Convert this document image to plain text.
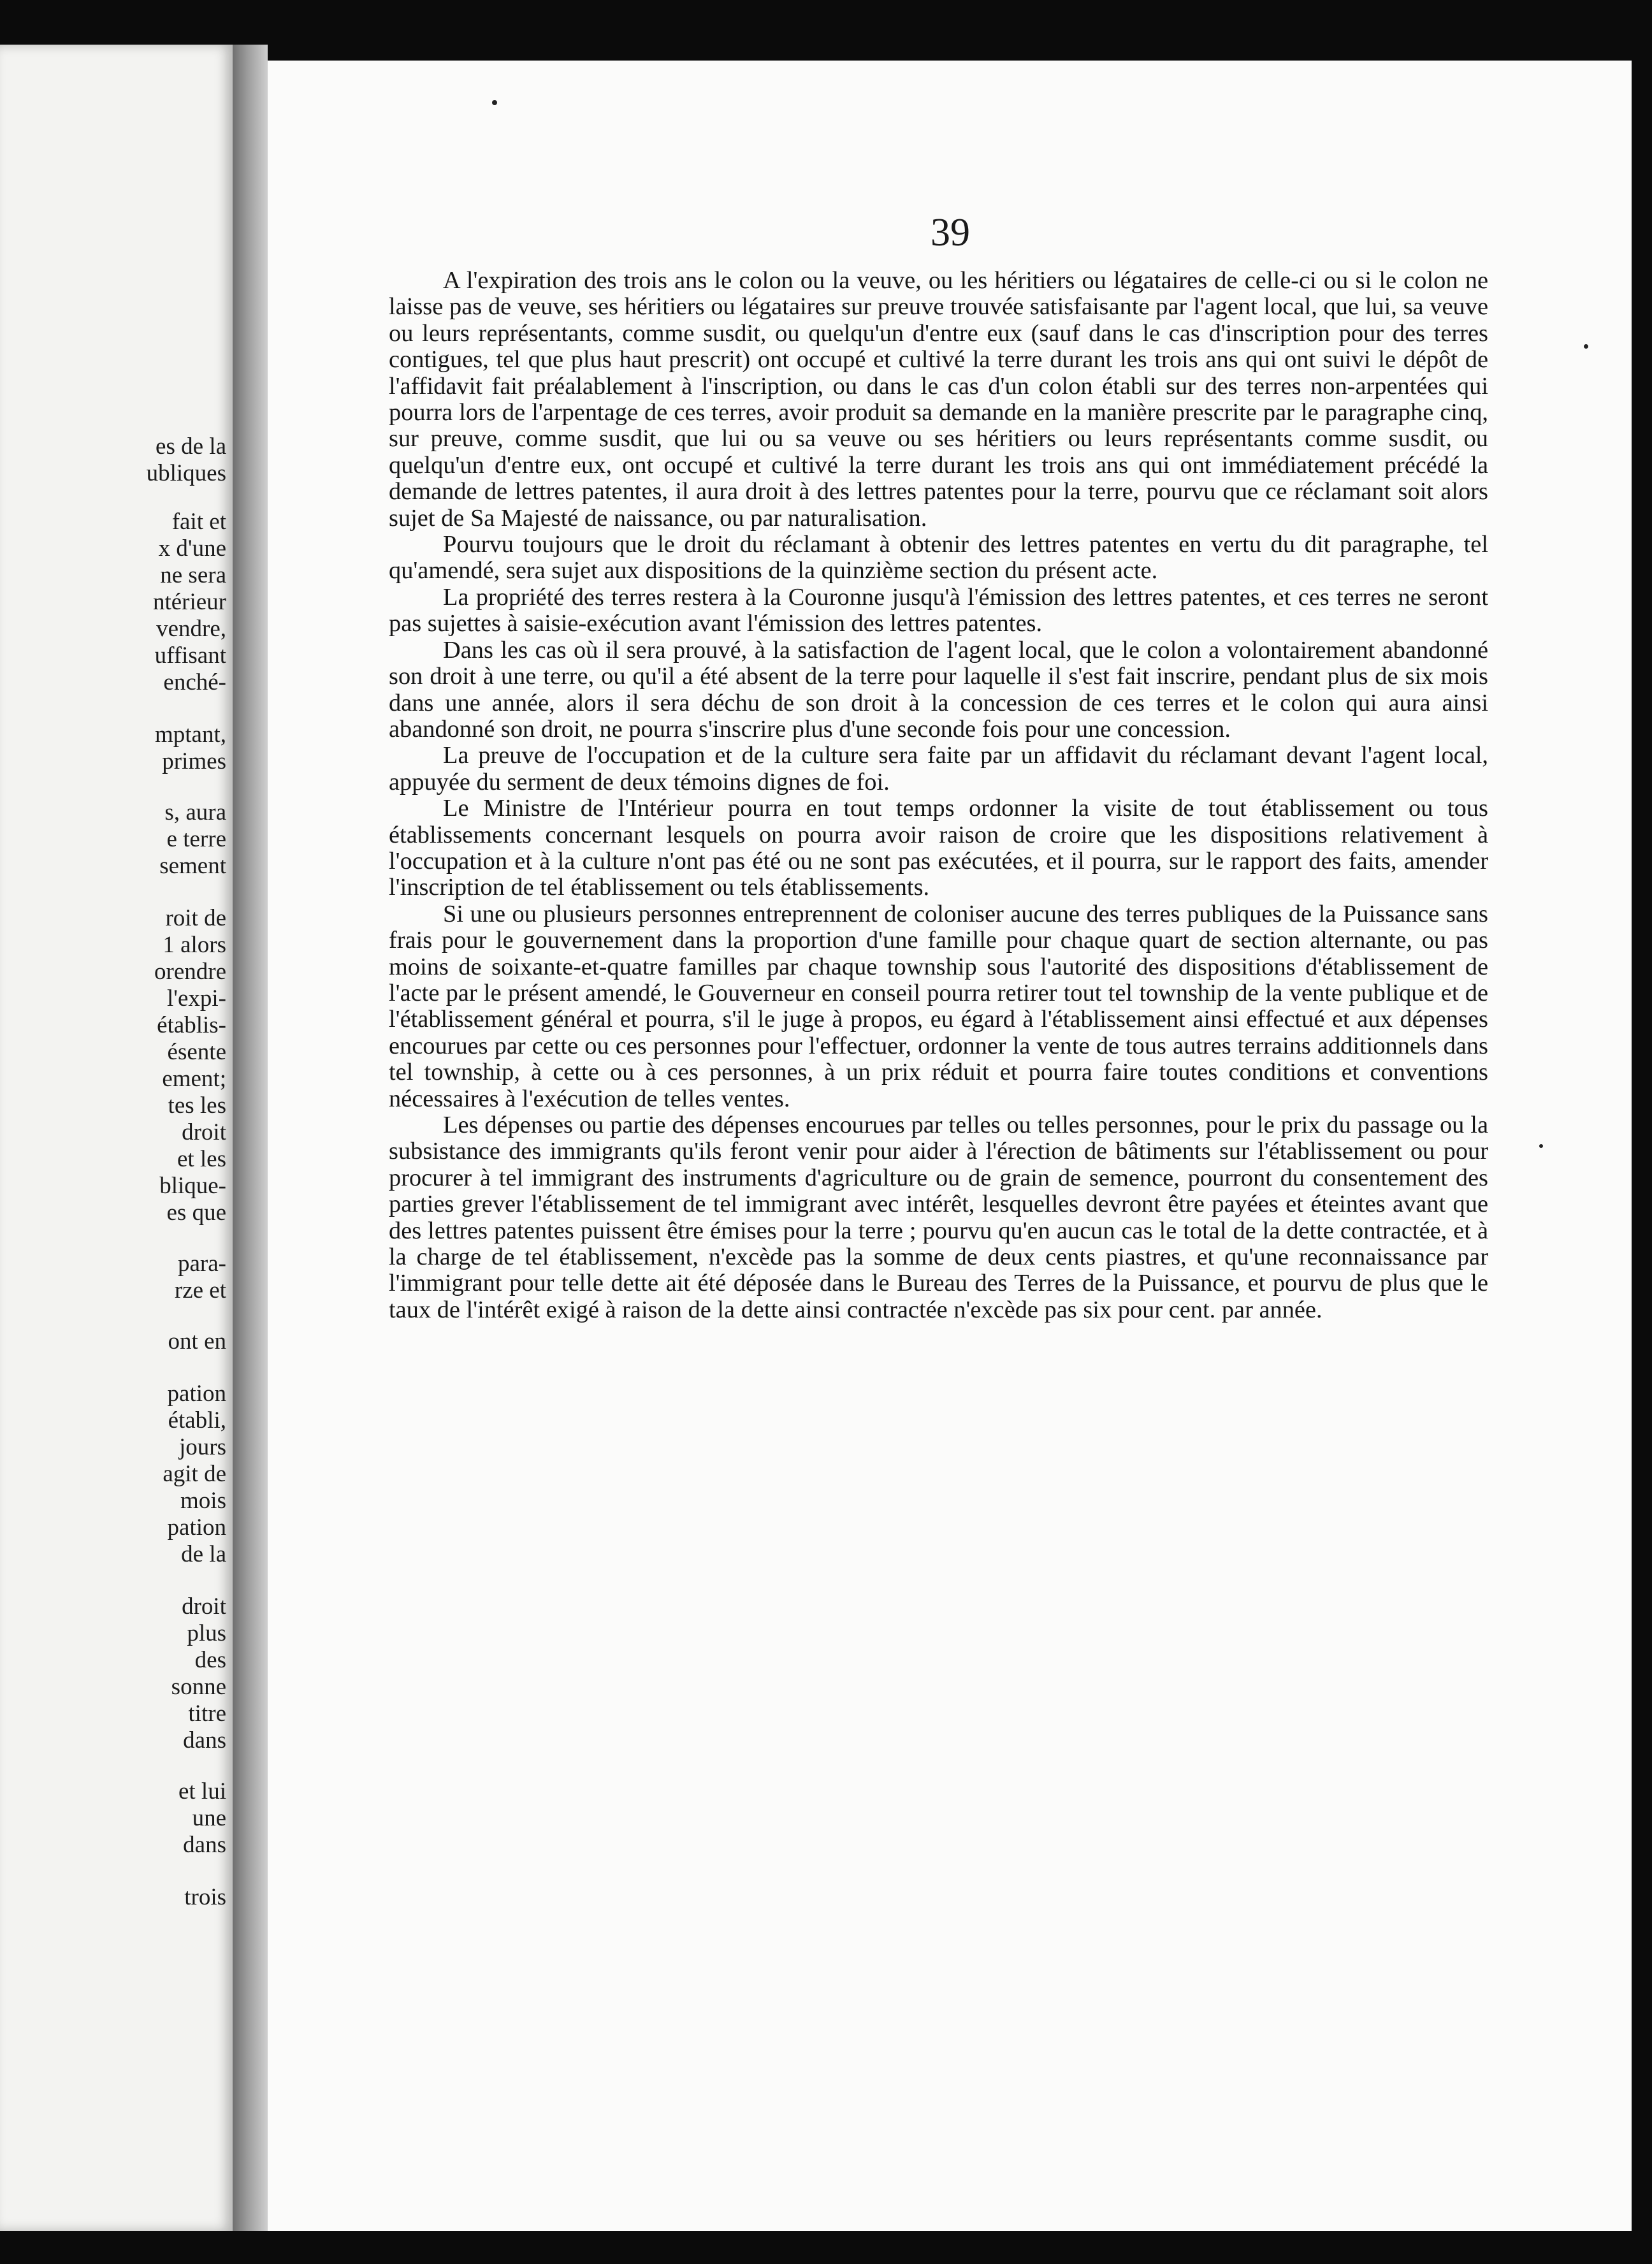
es de la
ublіques
fait et
x d'une
ne sera
ntérieur
vendre,
uffisant
enché-
mptant,
primes
s, aura
e terre
sement
roit de
1 alors
orendre
l'expi-
établis-
ésente
ement;
tes les
droit
et les
blique-
es que
para-
rze et
ont en
pation
établi,
jours
agit de
mois
pation
de la
droit
plus
des
sonne
titre
dans
et lui
une
dans
trois
39

A l'expiration des trois ans le colon ou la veuve, ou les héritiers ou légataires de celle-ci ou si le colon ne laisse pas de veuve, ses héritiers ou légataires sur preuve trouvée satisfaisante par l'agent local, que lui, sa veuve ou leurs représentants, comme susdit, ou quelqu'un d'entre eux (sauf dans le cas d'inscription pour des terres contigues, tel que plus haut prescrit) ont occupé et cultivé la terre durant les trois ans qui ont suivi le dépôt de l'affidavit fait préalablement à l'inscription, ou dans le cas d'un colon établi sur des terres non-arpentées qui pourra lors de l'arpentage de ces terres, avoir produit sa demande en la manière prescrite par le paragraphe cinq, sur preuve, comme susdit, que lui ou sa veuve ou ses héritiers ou leurs représentants comme susdit, ou quelqu'un d'entre eux, ont occupé et cultivé la terre durant les trois ans qui ont immédiatement précédé la demande de lettres patentes, il aura droit à des lettres patentes pour la terre, pourvu que ce réclamant soit alors sujet de Sa Majesté de naissance, ou par naturalisation.

Pourvu toujours que le droit du réclamant à obtenir des lettres patentes en vertu du dit paragraphe, tel qu'amendé, sera sujet aux dispositions de la quinzième section du présent acte.

La propriété des terres restera à la Couronne jusqu'à l'émission des lettres patentes, et ces terres ne seront pas sujettes à saisie-exécution avant l'émission des lettres patentes.

Dans les cas où il sera prouvé, à la satisfaction de l'agent local, que le colon a volontairement abandonné son droit à une terre, ou qu'il a été absent de la terre pour laquelle il s'est fait inscrire, pendant plus de six mois dans une année, alors il sera déchu de son droit à la concession de ces terres et le colon qui aura ainsi abandonné son droit, ne pourra s'inscrire plus d'une seconde fois pour une concession.

La preuve de l'occupation et de la culture sera faite par un affidavit du réclamant devant l'agent local, appuyée du serment de deux témoins dignes de foi.

Le Ministre de l'Intérieur pourra en tout temps ordonner la visite de tout établissement ou tous établissements concernant lesquels on pourra avoir raison de croire que les dispositions relativement à l'occupation et à la culture n'ont pas été ou ne sont pas exécutées, et il pourra, sur le rapport des faits, amender l'inscription de tel établissement ou tels établissements.

Si une ou plusieurs personnes entreprennent de coloniser aucune des terres publiques de la Puissance sans frais pour le gouvernement dans la proportion d'une famille pour chaque quart de section alternante, ou pas moins de soixante-et-quatre familles par chaque township sous l'autorité des dispositions d'établissement de l'acte par le présent amendé, le Gouverneur en conseil pourra retirer tout tel township de la vente publique et de l'établissement général et pourra, s'il le juge à propos, eu égard à l'établissement ainsi effectué et aux dépenses encourues par cette ou ces personnes pour l'effectuer, ordonner la vente de tous autres terrains additionnels dans tel township, à cette ou à ces personnes, à un prix réduit et pourra faire toutes conditions et conventions nécessaires à l'exécution de telles ventes.

Les dépenses ou partie des dépenses encourues par telles ou telles personnes, pour le prix du passage ou la subsistance des immigrants qu'ils feront venir pour aider à l'érection de bâtiments sur l'établissement ou pour procurer à tel immigrant des instruments d'agriculture ou de grain de semence, pourront du consentement des parties grever l'établissement de tel immigrant avec intérêt, lesquelles devront être payées et éteintes avant que des lettres patentes puissent être émises pour la terre ; pourvu qu'en aucun cas le total de la dette contractée, et à la charge de tel établissement, n'excède pas la somme de deux cents piastres, et qu'une reconnaissance par l'immigrant pour telle dette ait été déposée dans le Bureau des Terres de la Puissance, et pourvu de plus que le taux de l'intérêt exigé à raison de la dette ainsi contractée n'excède pas six pour cent. par année.
